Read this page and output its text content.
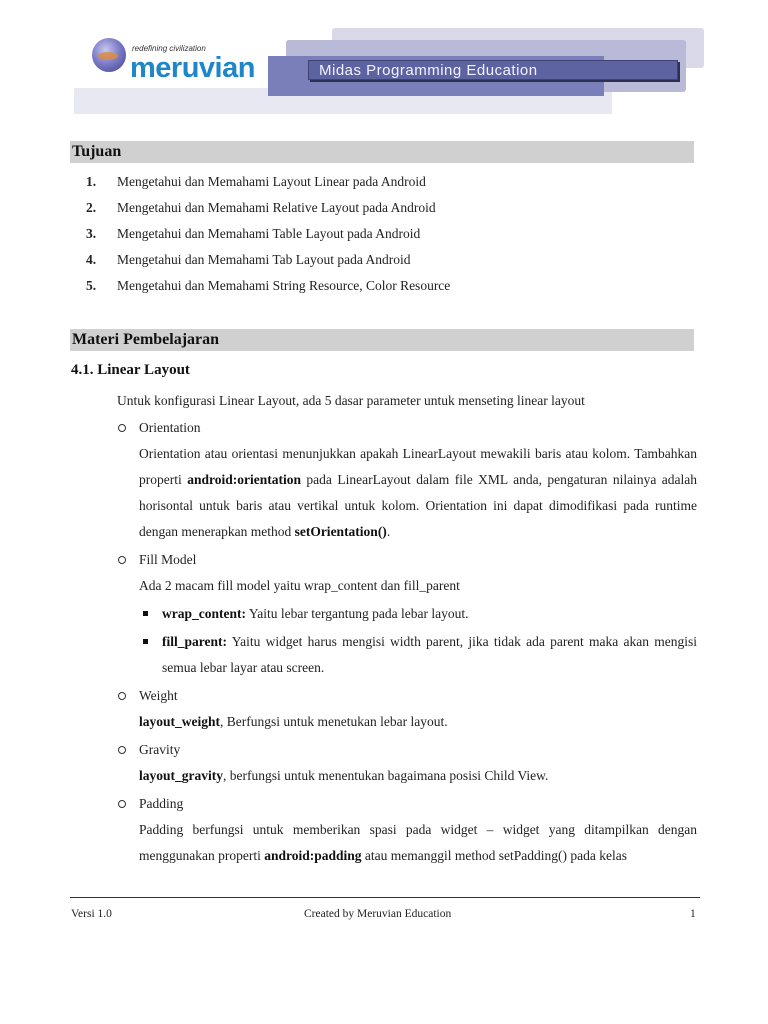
Midas Programming Education
redefining civilization
meruvian
Tujuan
1.	Mengetahui dan Memahami Layout Linear pada Android
2.	Mengetahui dan Memahami Relative Layout pada Android
3.	Mengetahui dan Memahami Table Layout pada Android
4.	Mengetahui dan Memahami Tab Layout pada Android
5.	Mengetahui dan Memahami String Resource, Color Resource
Materi Pembelajaran
4.1. Linear Layout
Untuk konfigurasi Linear Layout, ada 5 dasar parameter untuk menseting linear layout
Orientation
Orientation atau orientasi menunjukkan apakah LinearLayout mewakili baris atau kolom. Tambahkan properti android:orientation pada LinearLayout dalam file XML anda, pengaturan nilainya adalah horisontal untuk baris atau vertikal untuk kolom. Orientation ini dapat dimodifikasi pada runtime dengan menerapkan method setOrientation().
Fill Model
Ada 2 macam fill model yaitu wrap_content dan fill_parent
wrap_content: Yaitu lebar tergantung pada lebar layout.
fill_parent: Yaitu widget harus mengisi width parent, jika tidak ada parent maka akan mengisi semua lebar layar atau screen.
Weight
layout_weight, Berfungsi untuk menetukan lebar layout.
Gravity
layout_gravity, berfungsi untuk menentukan bagaimana posisi Child View.
Padding
Padding berfungsi untuk memberikan spasi pada widget – widget yang ditampilkan dengan menggunakan properti android:padding atau memanggil method setPadding() pada kelas
Versi 1.0	Created by Meruvian Education	1
